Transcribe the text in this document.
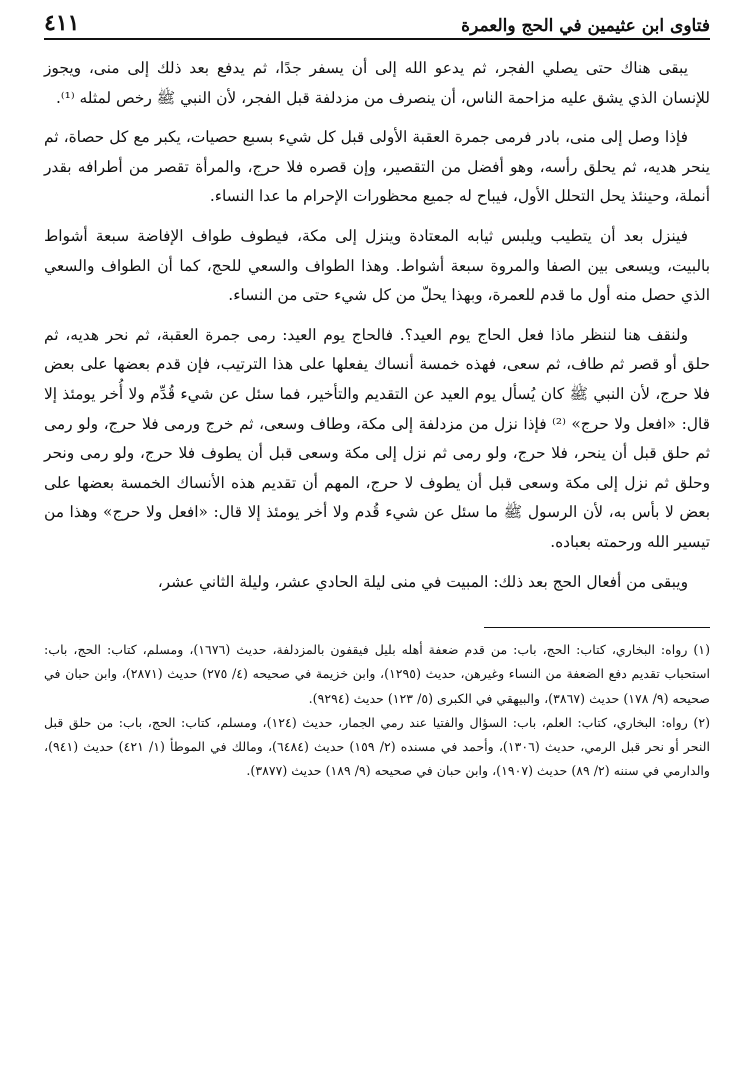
فتاوى ابن عثيمين في الحج والعمرة
٤١١

يبقى هناك حتى يصلي الفجر، ثم يدعو الله إلى أن يسفر جدًا، ثم يدفع بعد ذلك إلى منى، ويجوز للإنسان الذي يشق عليه مزاحمة الناس، أن ينصرف من مزدلفة قبل الفجر، لأن النبي ﷺ رخص لمثله ⁽¹⁾.

فإذا وصل إلى منى، بادر فرمى جمرة العقبة الأولى قبل كل شيء بسبع حصيات، يكبر مع كل حصاة، ثم ينحر هديه، ثم يحلق رأسه، وهو أفضل من التقصير، وإن قصره فلا حرج، والمرأة تقصر من أطرافه بقدر أنملة، وحينئذ يحل التحلل الأول، فيباح له جميع محظورات الإحرام ما عدا النساء.

فينزل بعد أن يتطيب ويلبس ثيابه المعتادة وينزل إلى مكة، فيطوف طواف الإفاضة سبعة أشواط بالبيت، ويسعى بين الصفا والمروة سبعة أشواط. وهذا الطواف والسعي للحج، كما أن الطواف والسعي الذي حصل منه أول ما قدم للعمرة، وبهذا يحلّ من كل شيء حتى من النساء.

ولنقف هنا لننظر ماذا فعل الحاج يوم العيد؟. فالحاج يوم العيد: رمى جمرة العقبة، ثم نحر هديه، ثم حلق أو قصر ثم طاف، ثم سعى، فهذه خمسة أنساك يفعلها على هذا الترتيب، فإن قدم بعضها على بعض فلا حرج، لأن النبي ﷺ كان يُسأل يوم العيد عن التقديم والتأخير، فما سئل عن شيء قُدِّم ولا أُخر يومئذ إلا قال: «افعل ولا حرج» ⁽²⁾ فإذا نزل من مزدلفة إلى مكة، وطاف وسعى، ثم خرج ورمى فلا حرج، ولو رمى ثم حلق قبل أن ينحر، فلا حرج، ولو رمى ثم نزل إلى مكة وسعى قبل أن يطوف فلا حرج، ولو رمى ونحر وحلق ثم نزل إلى مكة وسعى قبل أن يطوف لا حرج، المهم أن تقديم هذه الأنساك الخمسة بعضها على بعض لا بأس به، لأن الرسول ﷺ ما سئل عن شيء قُدم ولا أخر يومئذ إلا قال: «افعل ولا حرج» وهذا من تيسير الله ورحمته بعباده.

ويبقى من أفعال الحج بعد ذلك: المبيت في منى ليلة الحادي عشر، وليلة الثاني عشر،

(١) رواه: البخاري، كتاب: الحج، باب: من قدم ضعفة أهله بليل فيقفون بالمزدلفة، حديث (١٦٧٦)، ومسلم، كتاب: الحج، باب: استحباب تقديم دفع الضعفة من النساء وغيرهن، حديث (١٢٩٥)، وابن خزيمة في صحيحه (٤/ ٢٧٥) حديث (٢٨٧١)، وابن حبان في صحيحه (٩/ ١٧٨) حديث (٣٨٦٧)، والبيهقي في الكبرى (٥/ ١٢٣) حديث (٩٢٩٤).

(٢) رواه: البخاري، كتاب: العلم، باب: السؤال والفتيا عند رمي الجمار، حديث (١٢٤)، ومسلم، كتاب: الحج، باب: من حلق قبل النحر أو نحر قبل الرمي، حديث (١٣٠٦)، وأحمد في مسنده (٢/ ١٥٩) حديث (٦٤٨٤)، ومالك في الموطأ (١/ ٤٢١) حديث (٩٤١)، والدارمي في سننه (٢/ ٨٩) حديث (١٩٠٧)، وابن حبان في صحيحه (٩/ ١٨٩) حديث (٣٨٧٧).
